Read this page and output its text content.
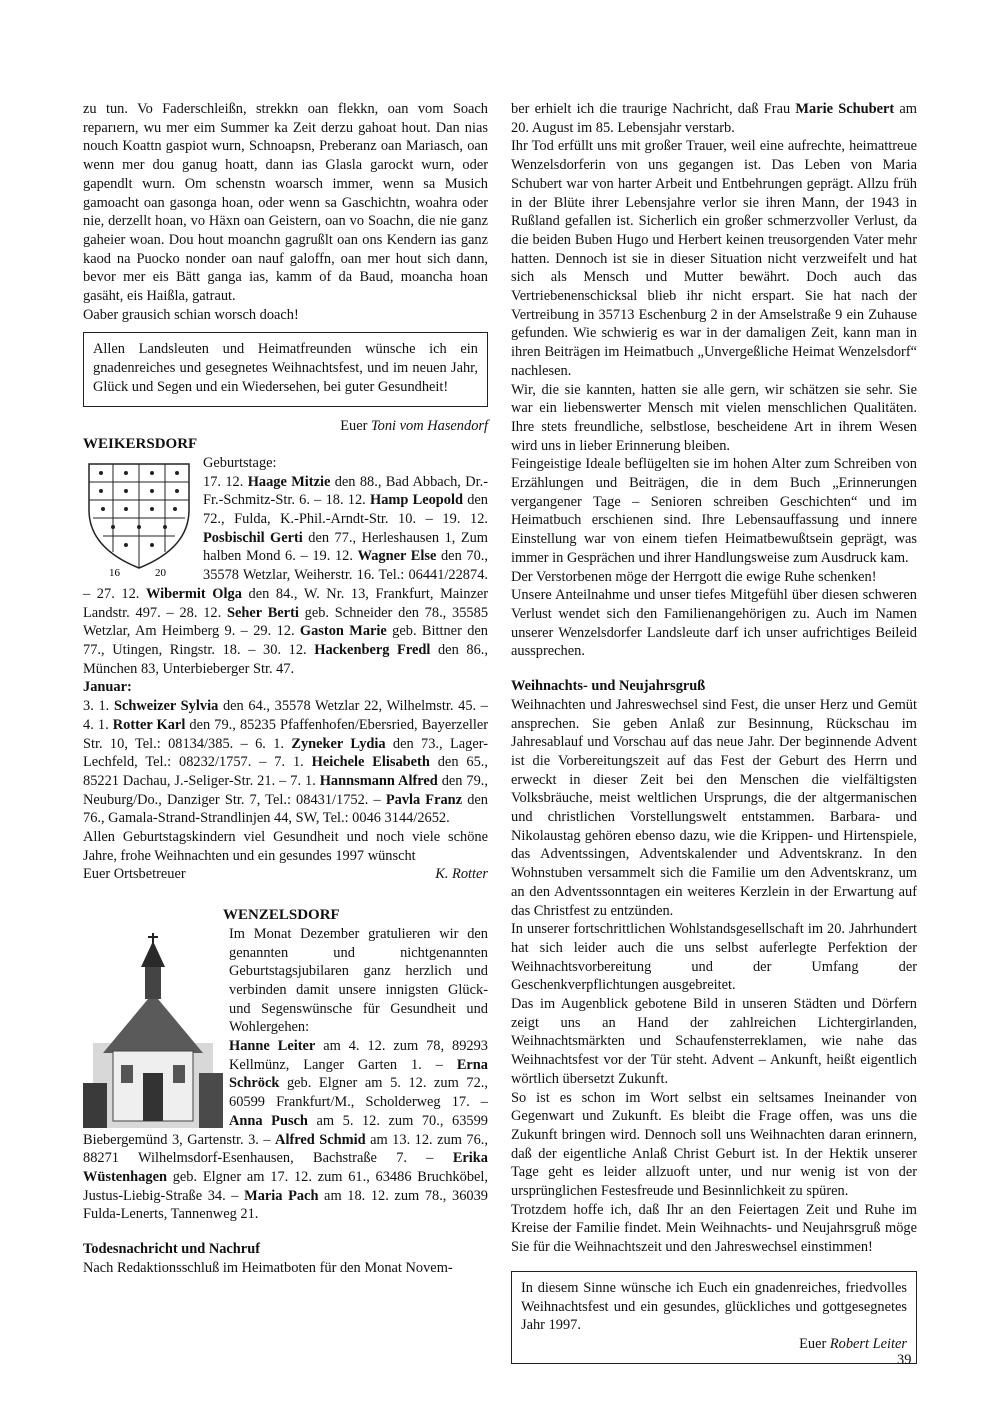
zu tun. Vo Faderschleißn, strekkn oan flekkn, oan vom Soach reparıern, wu mer eim Summer ka Zeit derzu gahoat hout. Dan nias nouch Koattn gaspiot wurn, Schnoapsn, Preberanz oan Mariasch, oan wenn mer dou ganug hoatt, dann ias Glasla garockt wurn, oder gapendlt wurn. Om schenstn woarsch immer, wenn sa Musich gamoacht oan gasonga hoan, oder wenn sa Gaschichtn, woahra oder nie, derzellt hoan, vo Häxn oan Geistern, oan vo Soachn, die nie ganz gaheier woan. Dou hout moanchn gagrußlt oan ons Kendern ias ganz kaod na Puocko nonder oan nauf galoffn, oan mer hout sich dann, bevor mer eis Bätt ganga ias, kamm of da Baud, moancha hoan gasäht, eis Haißla, gatraut.

Oaber grausich schian worsch doach!

Allen Landsleuten und Heimatfreunden wünsche ich ein gnadenreiches und gesegnetes Weihnachtsfest, und im neuen Jahr, Glück und Segen und ein Wiedersehen, bei guter Gesundheit!

Euer Toni vom Hasendorf

WEIKERSDORF

16	20

Geburtstage:

17. 12. Haage Mitzie den 88., Bad Abbach, Dr.-Fr.-Schmitz-Str. 6. – 18. 12. Hamp Leopold den 72., Fulda, K.-Phil.-Arndt-Str. 10. – 19. 12. Posbischil Gerti den 77., Herleshausen 1, Zum halben Mond 6. – 19. 12. Wagner Else den 70., 35578 Wetzlar, Weiherstr. 16. Tel.: 06441/22874. – 27. 12. Wibermit Olga den 84., W. Nr. 13, Frankfurt, Mainzer Landstr. 497. – 28. 12. Seher Berti geb. Schneider den 78., 35585 Wetzlar, Am Heimberg 9. – 29. 12. Gaston Marie geb. Bittner den 77., Utingen, Ringstr. 18. – 30. 12. Hackenberg Fredl den 86., München 83, Unterbieberger Str. 47.

Januar:

3. 1. Schweizer Sylvia den 64., 35578 Wetzlar 22, Wilhelmstr. 45. – 4. 1. Rotter Karl den 79., 85235 Pfaffenhofen/Ebersried, Bayerzeller Str. 10, Tel.: 08134/385. – 6. 1. Zyneker Lydia den 73., Lager-Lechfeld, Tel.: 08232/1757. – 7. 1. Heichele Elisabeth den 65., 85221 Dachau, J.-Seliger-Str. 21. – 7. 1. Hannsmann Alfred den 79., Neuburg/Do., Danziger Str. 7, Tel.: 08431/1752. – Pavla Franz den 76., Gamala-Strand-Strandlinjen 44, SW, Tel.: 0046 3144/2652.

Allen Geburtstagskindern viel Gesundheit und noch viele schöne Jahre, frohe Weihnachten und ein gesundes 1997 wünscht

Euer Ortsbetreuer	K. Rotter

WENZELSDORF

Im Monat Dezember gratulieren wir den genannten und nichtgenannten Geburtstagsjubilaren ganz herzlich und verbinden damit unsere innigsten Glück- und Segenswünsche für Gesundheit und Wohlergehen:

Hanne Leiter am 4. 12. zum 78, 89293 Kellmünz, Langer Garten 1. – Erna Schröck geb. Elgner am 5. 12. zum 72., 60599 Frankfurt/M., Scholderweg 17. – Anna Pusch am 5. 12. zum 70., 63599 Biebergemünd 3, Gartenstr. 3. – Alfred Schmid am 13. 12. zum 76., 88271 Wilhelmsdorf-Esenhausen, Bachstraße 7. – Erika Wüstenhagen geb. Elgner am 17. 12. zum 61., 63486 Bruchköbel, Justus-Liebig-Straße 34. – Maria Pach am 18. 12. zum 78., 36039 Fulda-Lenerts, Tannenweg 21.

Todesnachricht und Nachruf

Nach Redaktionsschluß im Heimatboten für den Monat Novem-

ber erhielt ich die traurige Nachricht, daß Frau Marie Schubert am 20. August im 85. Lebensjahr verstarb.

Ihr Tod erfüllt uns mit großer Trauer, weil eine aufrechte, heimattreue Wenzelsdorferin von uns gegangen ist. Das Leben von Maria Schubert war von harter Arbeit und Entbehrungen geprägt. Allzu früh in der Blüte ihrer Lebensjahre verlor sie ihren Mann, der 1943 in Rußland gefallen ist. Sicherlich ein großer schmerzvoller Verlust, da die beiden Buben Hugo und Herbert keinen treusorgenden Vater mehr hatten. Dennoch ist sie in dieser Situation nicht verzweifelt und hat sich als Mensch und Mutter bewährt. Doch auch das Vertriebenenschicksal blieb ihr nicht erspart. Sie hat nach der Vertreibung in 35713 Eschenburg 2 in der Amselstraße 9 ein Zuhause gefunden. Wie schwierig es war in der damaligen Zeit, kann man in ihren Beiträgen im Heimatbuch „Unvergeßliche Heimat Wenzelsdorf“ nachlesen.

Wir, die sie kannten, hatten sie alle gern, wir schätzen sie sehr. Sie war ein liebenswerter Mensch mit vielen menschlichen Qualitäten. Ihre stets freundliche, selbstlose, bescheidene Art in ihrem Wesen wird uns in lieber Erinnerung bleiben.

Feingeistige Ideale beflügelten sie im hohen Alter zum Schreiben von Erzählungen und Beiträgen, die in dem Buch „Erinnerungen vergangener Tage – Senioren schreiben Geschichten“ und im Heimatbuch erschienen sind. Ihre Lebensauffassung und innere Einstellung war von einem tiefen Heimatbewußtsein geprägt, was immer in Gesprächen und ihrer Handlungsweise zum Ausdruck kam.

Der Verstorbenen möge der Herrgott die ewige Ruhe schenken!

Unsere Anteilnahme und unser tiefes Mitgefühl über diesen schweren Verlust wendet sich den Familienangehörigen zu. Auch im Namen unserer Wenzelsdorfer Landsleute darf ich unser aufrichtiges Beileid aussprechen.

Weihnachts- und Neujahrsgruß

Weihnachten und Jahreswechsel sind Fest, die unser Herz und Gemüt ansprechen. Sie geben Anlaß zur Besinnung, Rückschau im Jahresablauf und Vorschau auf das neue Jahr. Der beginnende Advent ist die Vorbereitungszeit auf das Fest der Geburt des Herrn und erweckt in dieser Zeit bei den Menschen die vielfältigsten Volksbräuche, meist weltlichen Ursprungs, die der altgermanischen und christlichen Vorstellungswelt entstammen. Barbara- und Nikolaustag gehören ebenso dazu, wie die Krippen- und Hirtenspiele, das Adventssingen, Adventskalender und Adventskranz. In den Wohnstuben versammelt sich die Familie um den Adventskranz, um an den Adventssonntagen ein weiteres Kerzlein in der Erwartung auf das Christfest zu entzünden.

In unserer fortschrittlichen Wohlstandsgesellschaft im 20. Jahrhundert hat sich leider auch die uns selbst auferlegte Perfektion der Weihnachtsvorbereitung und der Umfang der Geschenkverpflichtungen ausgebreitet.

Das im Augenblick gebotene Bild in unseren Städten und Dörfern zeigt uns an Hand der zahlreichen Lichtergirlanden, Weihnachtsmärkten und Schaufensterreklamen, wie nahe das Weihnachtsfest vor der Tür steht. Advent – Ankunft, heißt eigentlich wörtlich übersetzt Zukunft.

So ist es schon im Wort selbst ein seltsames Ineinander von Gegenwart und Zukunft. Es bleibt die Frage offen, was uns die Zukunft bringen wird. Dennoch soll uns Weihnachten daran erinnern, daß der eigentliche Anlaß Christ Geburt ist. In der Hektik unserer Tage geht es leider allzuoft unter, und nur wenig ist von der ursprünglichen Festesfreude und Besinnlichkeit zu spüren.

Trotzdem hoffe ich, daß Ihr an den Feiertagen Zeit und Ruhe im Kreise der Familie findet. Mein Weihnachts- und Neujahrsgruß möge Sie für die Weihnachtszeit und den Jahreswechsel einstimmen!

In diesem Sinne wünsche ich Euch ein gnadenreiches, friedvolles Weihnachtsfest und ein gesundes, glückliches und gottgesegnetes Jahr 1997.

Euer Robert Leiter

39
